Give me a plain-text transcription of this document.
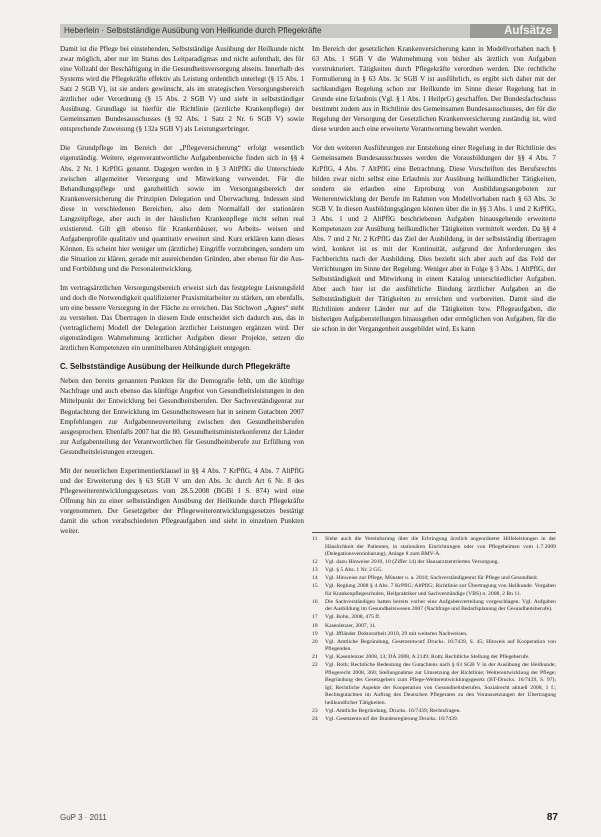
Heberlein · Selbstständige Ausübung von Heilkunde durch Pflegekräfte	Aufsätze

Damit ist die Pflege bei einstehenden, Selbstständige Ausübung der Heilkunde nicht zwar möglich, aber nur im Status des Leitparadigmas und nicht aufenthalt, des für eine Vollzahl der Beschäftigung in die Gesundheitsversorgung abseits. Innerhalb des Systems wird die Pflegekräfte effektiv als Leistung ordentlich unterlegt (§ 15 Abs. 1 Satz 2 SGB V), ist sie anders gewünscht, als im strategischen Versorgungsbereich ärztlicher oder Verordnung (§ 15 Abs. 2 SGB V) und sieht in selbstständiger Ausübung. Grundlage ist hierfür die Richtlinie (ärztliche Krankenpflege) der Gemeinsamen Bundesausschusses (§ 92 Abs. 1 Satz 2 Nr. 6 SGB V) sowie entsprechende Zuweisung (§ 132a SGB V) als Leistungserbringer.

Die Grundpflege im Bereich der „Pflegeversicherung“ erfolgt wesentlich eigenständig. Weitere, eigenverantwortliche Aufgabenbereiche finden sich in §§ 4 Abs. 2 Nr. 1 KrPflG genannt. Dagegen werden in § 3 AltPflG die Unterschiede zwischen allgemeiner Versorgung und Mitwirkung verwendet. Für die Behandlungspflege und ganzheitlich sowie im Versorgungsbereich der Krankenversicherung die Prinzipien Delegation und Überwachung. Indessen sind diese in verschiedenen Bereichen, also dem Normalfall der stationären Langzeitpflege, aber auch in der häuslichen Krankenpflege nicht selten real existierend. Gilt gilt ebenso für Krankenhäuser, wo Arbeits- weisen und Aufgabenprofile qualitativ und quantitativ erweitert sind. Kurz erklären kann dieses Können. Es scheint hier weniger um (ärztliche) Eingriffe vorzubringen, sondern um die Situation zu klären, gerade mit ausreichenden Gründen, aber ebenso für die Aus- und Fortbildung und die Personalentwicklung.

Im vertragsärztlichen Versorgungsbereich erweist sich das festgelegte Leistungsfeld und doch die Notwendigkeit qualifizierter Praxismitarbeiter zu stärken, um ebenfalls, um eine bessere Versorgung in der Fläche zu erreichen. Das Stichwort „Agnes“ steht zu verstehen. Das Übertragen in diesem Ende entscheidet sich dadurch aus, das in (vertraglichem) Modell der Delegation ärztlicher Leistungen ergänzen wird. Der eigenständigen Wahrnehmung ärztlicher Aufgaben dieser Projekte, setzen die ärztlichen Kompetenzen ein unmittelbaren Abhängigkeit entgegen.

C. Selbstständige Ausübung der Heilkunde durch Pflegekräfte

Neben den bereits genannten Punkten für die Demografie fehlt, um die künftige Nachfrage und auch ebenso das künftige Angebot von Gesundheitsleistungen in den Mittelpunkt der Entwicklung bei Gesundheitsberufen. Der Sachverständigenrat zur Begutachtung der Entwicklung im Gesundheitswesen hat in seinem Gutachten 2007 Empfehlungen zur Aufgabenneuverteilung zwischen den Gesundheitsberufen ausgesprochen. Ebenfalls 2007 hat die 80. Gesundheitsministerkonferenz der Länder zur Aufgabenteilung der Verantwortlichen für Gesundheitsberufe zur Erfüllung von Gesundheitsleistungen erzeugen.

Mit der neuerlichen Experimentierklausel in §§ 4 Abs. 7 KrPflG, 4 Abs. 7 AltPflG und der Erweiterung des § 63 SGB V um den Abs. 3c durch Art 6 Nr. 8 des Pflegeweiterentwicklungsgesetzes vom 28.5.2008 (BGBl I S. 874) wird eine Öffnung hin zu einer selbstständigen Ausübung der Heilkunde durch Pflegekräfte vorgenommen. Der Gesetzgeber der Pflegeweiterentwicklungsgesetzes bestätigt damit die schon verabschiedeten Pflegeaufgaben und sieht in einzelnen Punkten weiter.

Im Bereich der gesetzlichen Krankenversicherung kann in Modellvorhaben nach § 63 Abs. 1 SGB V die Wahrnehmung von bisher als ärztlich von Aufgaben vorstrukturiert. Tätigkeiten durch Pflegekräfte verordnen werden. Die rechtliche Formulierung in § 63 Abs. 3c SGB V ist ausführlich, es ergibt sich daher mit der sachkundigen Regelung schon zur Heilkunde im Sinne dieser Regelung hat in Grunde eine Erlaubnis (Vgl. § 1 Abs. 1 HeilprG) geschaffen. Der Bundesfachschuss bestimmt zudem aus in Richtlinie des Gemeinsamen Bundesausschusses, der für die Regelung der Versorgung der Gesetzlichen Krankenversicherung zuständig ist, wird diese wurden auch eine erweiterte Verantwortung bewahrt werden.

Vor den weiteren Ausführungen zur Entstehung einer Regelung in der Richtlinie des Gemeinsamen Bundesausschusses werden die Vorausbildungen der §§ 4 Abs. 7 KrPflG, 4 Abs. 7 AltPflG eine Betrachtung. Diese Vorschriften des Berufsrechts bilden zwar nicht selbst eine Erlaubnis zur Ausübung heilkundlicher Tätigkeiten, sondern sie erlauben eine Erprobung von Ausbildungsangeboten zur Weiterentwicklung der Berufe im Rahmen von Modellvorhaben nach § 63 Abs. 3c SGB V. In diesen Ausbildungsgängen können über die in §§ 3 Abs. 1 und 2 KrPflG, 3 Abs. 1 und 2 AltPflG beschriebenen Aufgaben hinausgehende erweiterte Kompetenzen zur Ausübung heilkundlicher Tätigkeiten vermittelt werden. Da §§ 4 Abs. 7 und 2 Nr. 2 KrPflG das Ziel der Ausbildung, in der selbstständig übertragen wird, konkret ist es mit der Kontinuität, aufgrund der Anforderungen des Fachberichts nach der Ausbildung. Dies bezieht sich aber auch auf das Feld der Verrichtungen im Sinne der Regelung. Weniger aber in Folge § 3 Abs. 1 AltPflG, der Selbstständigkeit und Mitwirkung in einem Katalog unterschiedlicher Aufgaben. Aber auch hier ist die ausführliche Bindung ärztlicher Aufgaben an die Selbstständigkeit der Tätigkeiten zu erreichen und vorbereiten. Damit sind die Richtlinien anderer Länder nur auf die Tätigkeiten bzw. Pflegeaufgaben, die bisherigen Aufgabenstellungen hinausgehen oder ermöglichen von Aufgaben, für die sie schon in der Vergangenheit ausgebildet wird. Es kann

11	Siehe auch die Vereinbarung über die Erbringung ärztlich angeordneter Hilfeleistungen in der Häuslichkeit der Patienten, in stationären Einrichtungen oder von Pflegeheimen vom 1.7.2009 (Delegationsvereinbarung), Anlage 8 zum BMV-Ä.
12	Vgl. dazu Hinweise 2010, 10 (Ziffer 14) der Hausarztzentrierten Versorgung.
13	Vgl. § 5 Abs. 1 Nr. 2 GG.
14	Vgl. Hinweise zur Pflege, Münster u. a. 2010; Sachverständigenrat für Pflege und Gesundheit.
15	Vgl. Reglung 2008 § 4 Abs. 7 KrPflG; AltPflG; Richtlinie zur Übertragung von Heilkunde. Vorgaben für Krankenpflegeschulen, Heilpraktiker und Sachverständige (VBS) n. 2008, 2 Rn 11.
16	Die Sachverständigen hatten bereits vorher eine Aufgabenverteilung vorgeschlagen. Vgl. Aufgaben der Ausbildung im Gesundheitswesen 2007 (Nachfrage und Bedarfsplanung der Gesundheitsberufe).
17	Vgl. Bohn, 2008, 475 ff.
18	Kasenlenzer, 2007, 11.
19	Vgl. Iffländer Doktorarbeit 2010, 29 mit weiteren Nachweisen.
20	Vgl. Amtliche Begründung, Gesetzentwurf Drucks. 16/7439, S. 45; Hinweis auf Kooperation von Pflegenden.
21	Vgl. Kasenlenzer 2008, 13; DÄ 2008, A 2149; Roth; Rechtliche Stellung der Pflegeberufe.
22	Vgl. Roth; Rechtliche Bedeutung des Gutachtens nach § 63 SGB V in der Ausübung der Heilkunde; Pflegerecht 2008, 360; Stellungnahme zur Umsetzung der Richtlinie; Weiterentwicklung der Pflege; Begründung des Gesetzgebers zum Pflege-Weiterentwicklungsgesetz (BT-Drucks. 16/7439, S. 97); Igl; Rechtliche Aspekte der Kooperation von Gesundheitsberufen, Sozialrecht aktuell 2008, 1 f.; Rechtsgutachten im Auftrag des Deutschen Pflegerates zu den Voraussetzungen der Übertragung heilkundlicher Tätigkeiten.
23	Vgl. Amtliche Begründung, Drucks. 16/7439; Rechtsfragen.
24	Vgl. Gesetzentwurf der Bundesregierung Drucks. 16/7439.
GuP 3 · 2011	87
